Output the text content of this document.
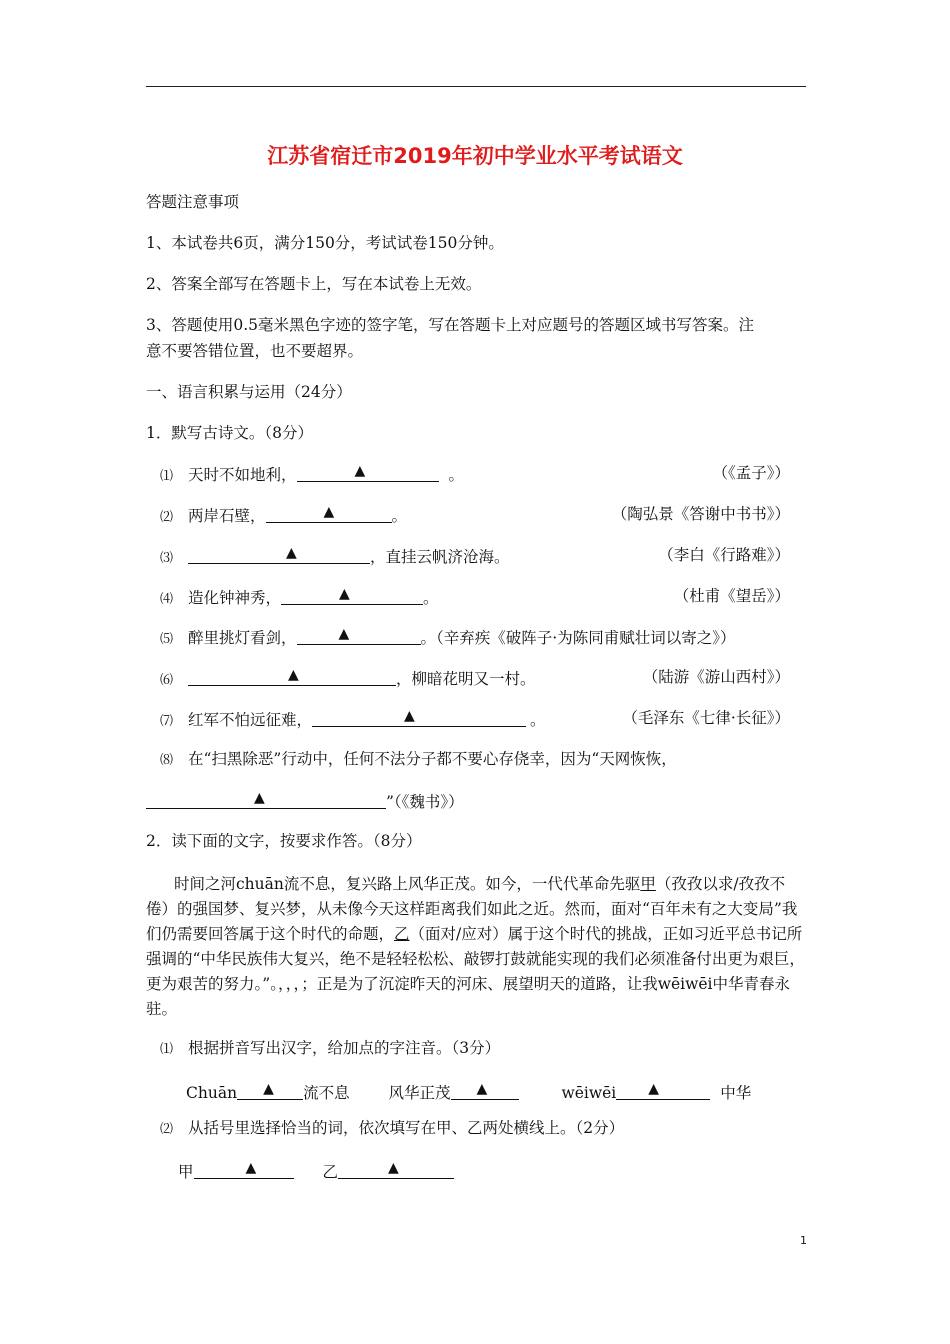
江苏省宿迁市2019年初中学业水平考试语文
答题注意事项
1、本试卷共6页，满分150分，考试试卷150分钟。
2、答案全部写在答题卡上，写在本试卷上无效。
3、答题使用0.5毫米黑色字迹的签字笔，写在答题卡上对应题号的答题区域书写答案。注
意不要答错位置，也不要超界。
一、语言积累与运用（24分）
1．默写古诗文。（8分）
⑴ 天时不如地利，	▲	。	（《孟子》）
⑵ 两岸石壁，	▲	。	（陶弘景《答谢中书书》）
⑶	▲	，直挂云帆济沧海。	（李白《行路难》）
⑷ 造化钟神秀，	▲	。	（杜甫《望岳》）
⑸ 醉里挑灯看剑，	▲	。（辛弃疾《破阵子·为陈同甫赋壮词以寄之》）
⑹	▲	，柳暗花明又一村。	（陆游《游山西村》）
⑺ 红军不怕远征难，	▲	。	（毛泽东《七律·长征》）
⑻ 在“扫黑除恶”行动中，任何不法分子都不要心存侥幸，因为“天网恢恢，
▲	”（《魏书》）
2．读下面的文字，按要求作答。（8分）
时间之河chuān流不息，复兴路上风华正茂。如今，一代代革命先驱甲（孜孜以求/孜孜不倦）的强国梦、复兴梦，从未像今天这样距离我们如此之近。然而，面对“百年未有之大变局”我们仍需要回答属于这个时代的命题，乙（面对/应对）属于这个时代的挑战，正如习近平总书记所强调的“中华民族伟大复兴，绝不是轻轻松松、敲锣打鼓就能实现的我们必须准备付出更为艰巨，更为艰苦的努力。”。，，，；正是为了沉淀昨天的河床、展望明天的道路，让我wēiwēi中华青春永驻。
⑴ 根据拼音写出汉字，给加点的字注音。（3分）
Chuān ▲ 流不息	风华正茂 ▲	wēiwēi ▲	中华
⑵ 从括号里选择恰当的词，依次填写在甲、乙两处横线上。（2分）
甲	▲	乙	▲
1
